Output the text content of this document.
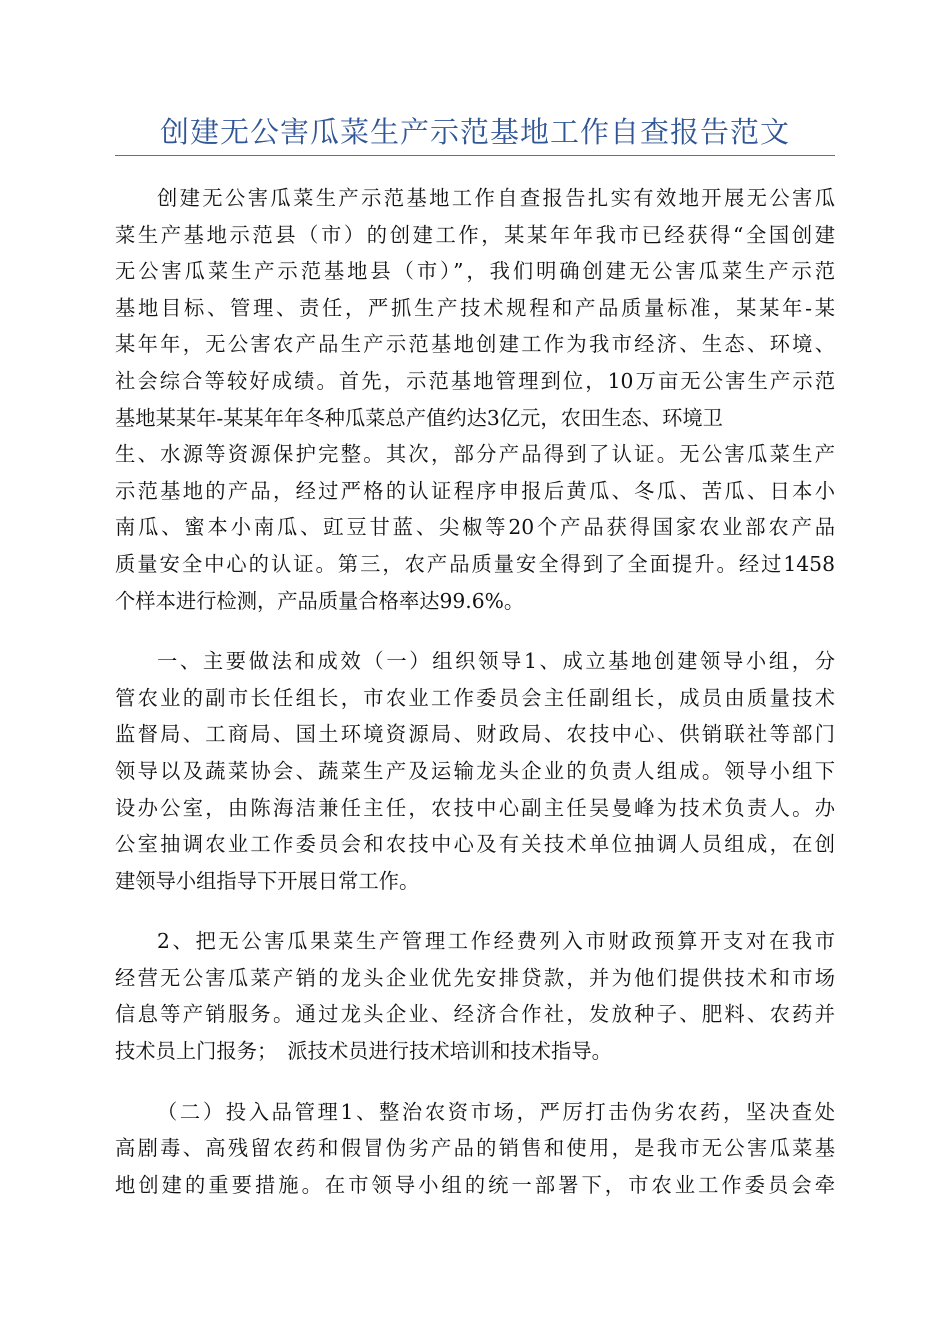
创建无公害瓜菜生产示范基地工作自查报告范文

创建无公害瓜菜生产示范基地工作自查报告扎实有效地开展无公害瓜
菜生产基地示范县（市）的创建工作，某某年年我市已经获得“全国创建
无公害瓜菜生产示范基地县（市）”，我们明确创建无公害瓜菜生产示范
基地目标、管理、责任，严抓生产技术规程和产品质量标准，某某年-某
某年年，无公害农产品生产示范基地创建工作为我市经济、生态、环境、
社会综合等较好成绩。首先，示范基地管理到位，10万亩无公害生产示范
基地某某年-某某年年冬种瓜菜总产值约达3亿元，农田生态、环境卫
生、水源等资源保护完整。其次，部分产品得到了认证。无公害瓜菜生产
示范基地的产品，经过严格的认证程序申报后黄瓜、冬瓜、苦瓜、日本小
南瓜、蜜本小南瓜、豇豆甘蓝、尖椒等20个产品获得国家农业部农产品
质量安全中心的认证。第三，农产品质量安全得到了全面提升。经过1458
个样本进行检测，产品质量合格率达99.6%。

一、主要做法和成效（一）组织领导1、成立基地创建领导小组，分
管农业的副市长任组长，市农业工作委员会主任副组长，成员由质量技术
监督局、工商局、国土环境资源局、财政局、农技中心、供销联社等部门
领导以及蔬菜协会、蔬菜生产及运输龙头企业的负责人组成。领导小组下
设办公室，由陈海洁兼任主任，农技中心副主任吴曼峰为技术负责人。办
公室抽调农业工作委员会和农技中心及有关技术单位抽调人员组成，在创
建领导小组指导下开展日常工作。

2、把无公害瓜果菜生产管理工作经费列入市财政预算开支对在我市
经营无公害瓜菜产销的龙头企业优先安排贷款，并为他们提供技术和市场
信息等产销服务。通过龙头企业、经济合作社，发放种子、肥料、农药并
技术员上门报务；　派技术员进行技术培训和技术指导。

（二）投入品管理1、整治农资市场，严厉打击伪劣农药，坚决查处
高剧毒、高残留农药和假冒伪劣产品的销售和使用，是我市无公害瓜菜基
地创建的重要措施。在市领导小组的统一部署下，市农业工作委员会牵
